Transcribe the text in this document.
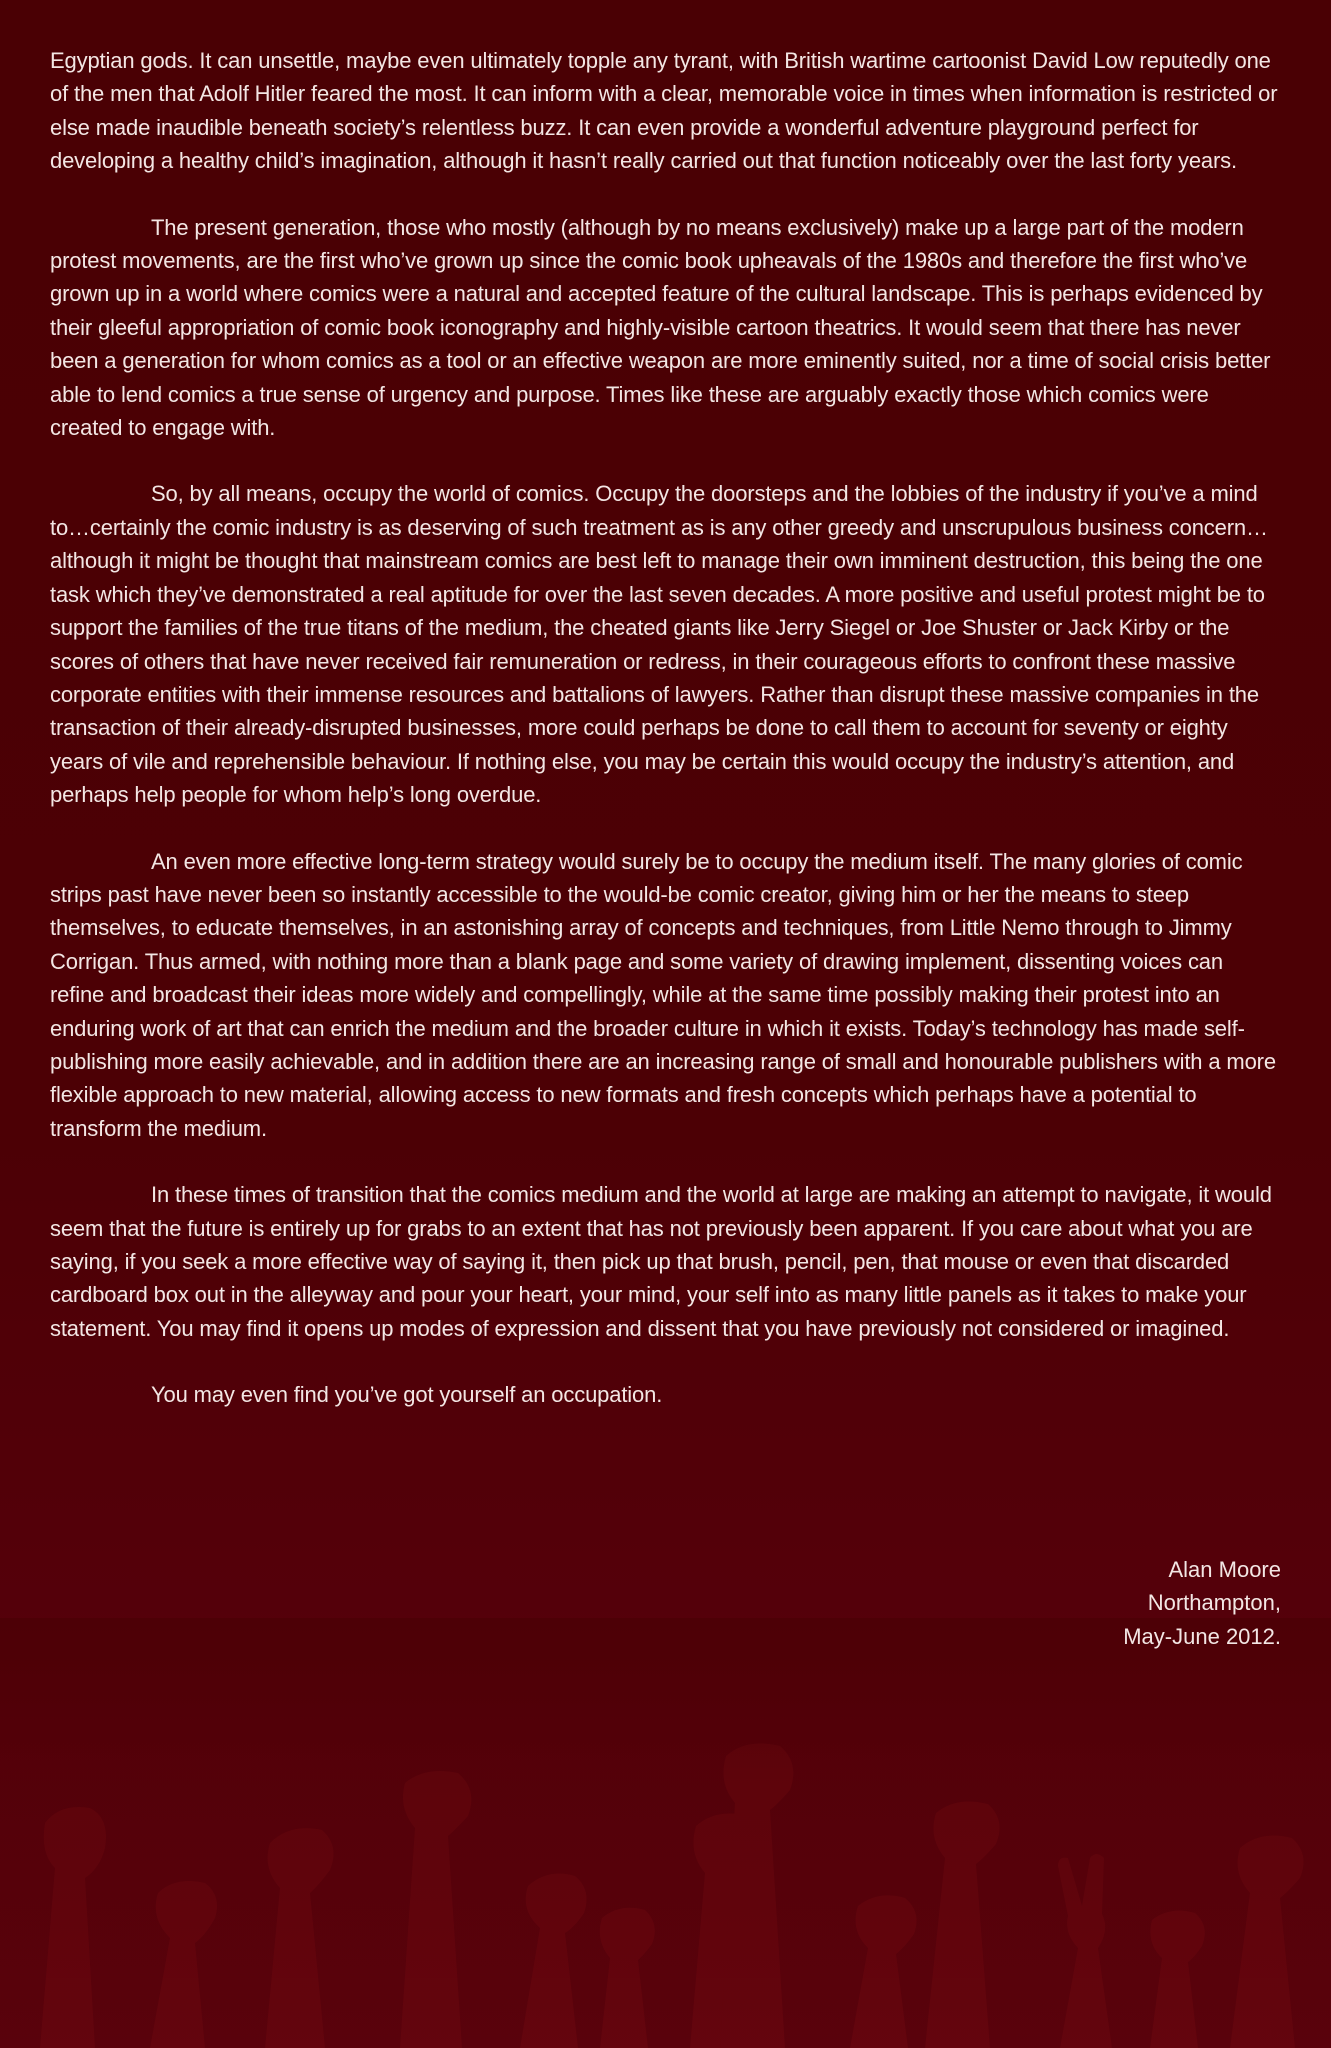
Egyptian gods. It can unsettle, maybe even ultimately topple any tyrant, with British wartime cartoonist David Low reputedly one of the men that Adolf Hitler feared the most. It can inform with a clear, memorable voice in times when information is restricted or else made inaudible beneath society’s relentless buzz. It can even provide a wonderful adventure playground perfect for developing a healthy child’s imagination, although it hasn’t really carried out that function noticeably over the last forty years.

The present generation, those who mostly (although by no means exclusively) make up a large part of the modern protest movements, are the first who’ve grown up since the comic book upheavals of the 1980s and therefore the first who’ve grown up in a world where comics were a natural and accepted feature of the cultural landscape. This is perhaps evidenced by their gleeful appropriation of comic book iconography and highly-visible cartoon theatrics. It would seem that there has never been a generation for whom comics as a tool or an effective weapon are more eminently suited, nor a time of social crisis better able to lend comics a true sense of urgency and purpose. Times like these are arguably exactly those which comics were created to engage with.

So, by all means, occupy the world of comics. Occupy the doorsteps and the lobbies of the industry if you’ve a mind to…certainly the comic industry is as deserving of such treatment as is any other greedy and unscrupulous business concern…although it might be thought that mainstream comics are best left to manage their own imminent destruction, this being the one task which they’ve demonstrated a real aptitude for over the last seven decades. A more positive and useful protest might be to support the families of the true titans of the medium, the cheated giants like Jerry Siegel or Joe Shuster or Jack Kirby or the scores of others that have never received fair remuneration or redress, in their courageous efforts to confront these massive corporate entities with their immense resources and battalions of lawyers. Rather than disrupt these massive companies in the transaction of their already-disrupted businesses, more could perhaps be done to call them to account for seventy or eighty years of vile and reprehensible behaviour. If nothing else, you may be certain this would occupy the industry’s attention, and perhaps help people for whom help’s long overdue.

An even more effective long-term strategy would surely be to occupy the medium itself. The many glories of comic strips past have never been so instantly accessible to the would-be comic creator, giving him or her the means to steep themselves, to educate themselves, in an astonishing array of concepts and techniques, from Little Nemo through to Jimmy Corrigan. Thus armed, with nothing more than a blank page and some variety of drawing implement, dissenting voices can refine and broadcast their ideas more widely and compellingly, while at the same time possibly making their protest into an enduring work of art that can enrich the medium and the broader culture in which it exists. Today’s technology has made self-publishing more easily achievable, and in addition there are an increasing range of small and honourable publishers with a more flexible approach to new material, allowing access to new formats and fresh concepts which perhaps have a potential to transform the medium.

In these times of transition that the comics medium and the world at large are making an attempt to navigate, it would seem that the future is entirely up for grabs to an extent that has not previously been apparent. If you care about what you are saying, if you seek a more effective way of saying it, then pick up that brush, pencil, pen, that mouse or even that discarded cardboard box out in the alleyway and pour your heart, your mind, your self into as many little panels as it takes to make your statement. You may find it opens up modes of expression and dissent that you have previously not considered or imagined.

You may even find you’ve got yourself an occupation.

Alan Moore
Northampton,
May-June 2012.
